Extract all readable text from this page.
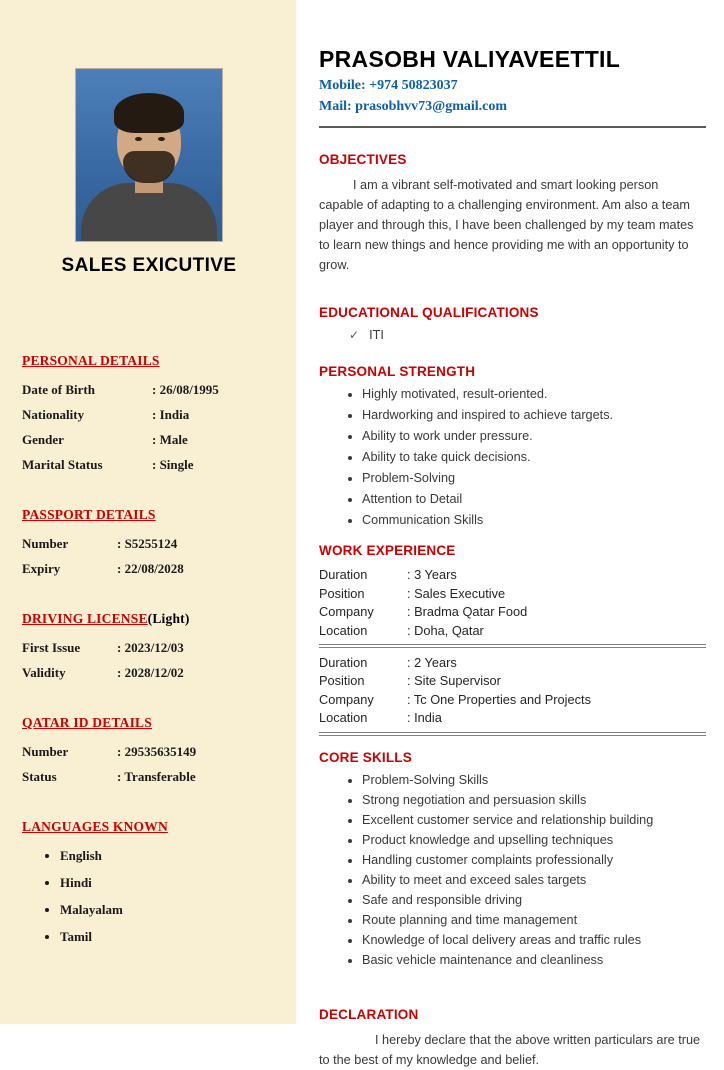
SALES EXICUTIVE
PERSONAL DETAILS
Date of Birth	: 26/08/1995
Nationality	: India
Gender	: Male
Marital Status	: Single
PASSPORT DETAILS
Number	: S5255124
Expiry	: 22/08/2028
DRIVING LICENSE(Light)
First Issue	: 2023/12/03
Validity	: 2028/12/02
QATAR ID DETAILS
Number	: 29535635149
Status	: Transferable
LANGUAGES KNOWN
• English
• Hindi
• Malayalam
• Tamil
PRASOBH VALIYAVEETTIL
Mobile: +974 50823037
Mail: prasobhvv73@gmail.com
OBJECTIVES

I am a vibrant self-motivated and smart looking person capable of adapting to a challenging environment. Am also a team player and through this, I have been challenged by my team mates to learn new things and hence providing me with an opportunity to grow.

EDUCATIONAL QUALIFICATIONS
✓ ITI
PERSONAL STRENGTH
• Highly motivated, result-oriented.
• Hardworking and inspired to achieve targets.
• Ability to work under pressure.
• Ability to take quick decisions.
• Problem-Solving
• Attention to Detail
• Communication Skills
WORK EXPERIENCE
Duration	: 3 Years
Position	: Sales Executive
Company	: Bradma Qatar Food
Location	: Doha, Qatar
Duration	: 2 Years
Position	: Site Supervisor
Company	: Tc One Properties and Projects
Location	: India
CORE SKILLS
• Problem-Solving Skills
• Strong negotiation and persuasion skills
• Excellent customer service and relationship building
• Product knowledge and upselling techniques
• Handling customer complaints professionally
• Ability to meet and exceed sales targets
• Safe and responsible driving
• Route planning and time management
• Knowledge of local delivery areas and traffic rules
• Basic vehicle maintenance and cleanliness
DECLARATION

I hereby declare that the above written particulars are true to the best of my knowledge and belief.
